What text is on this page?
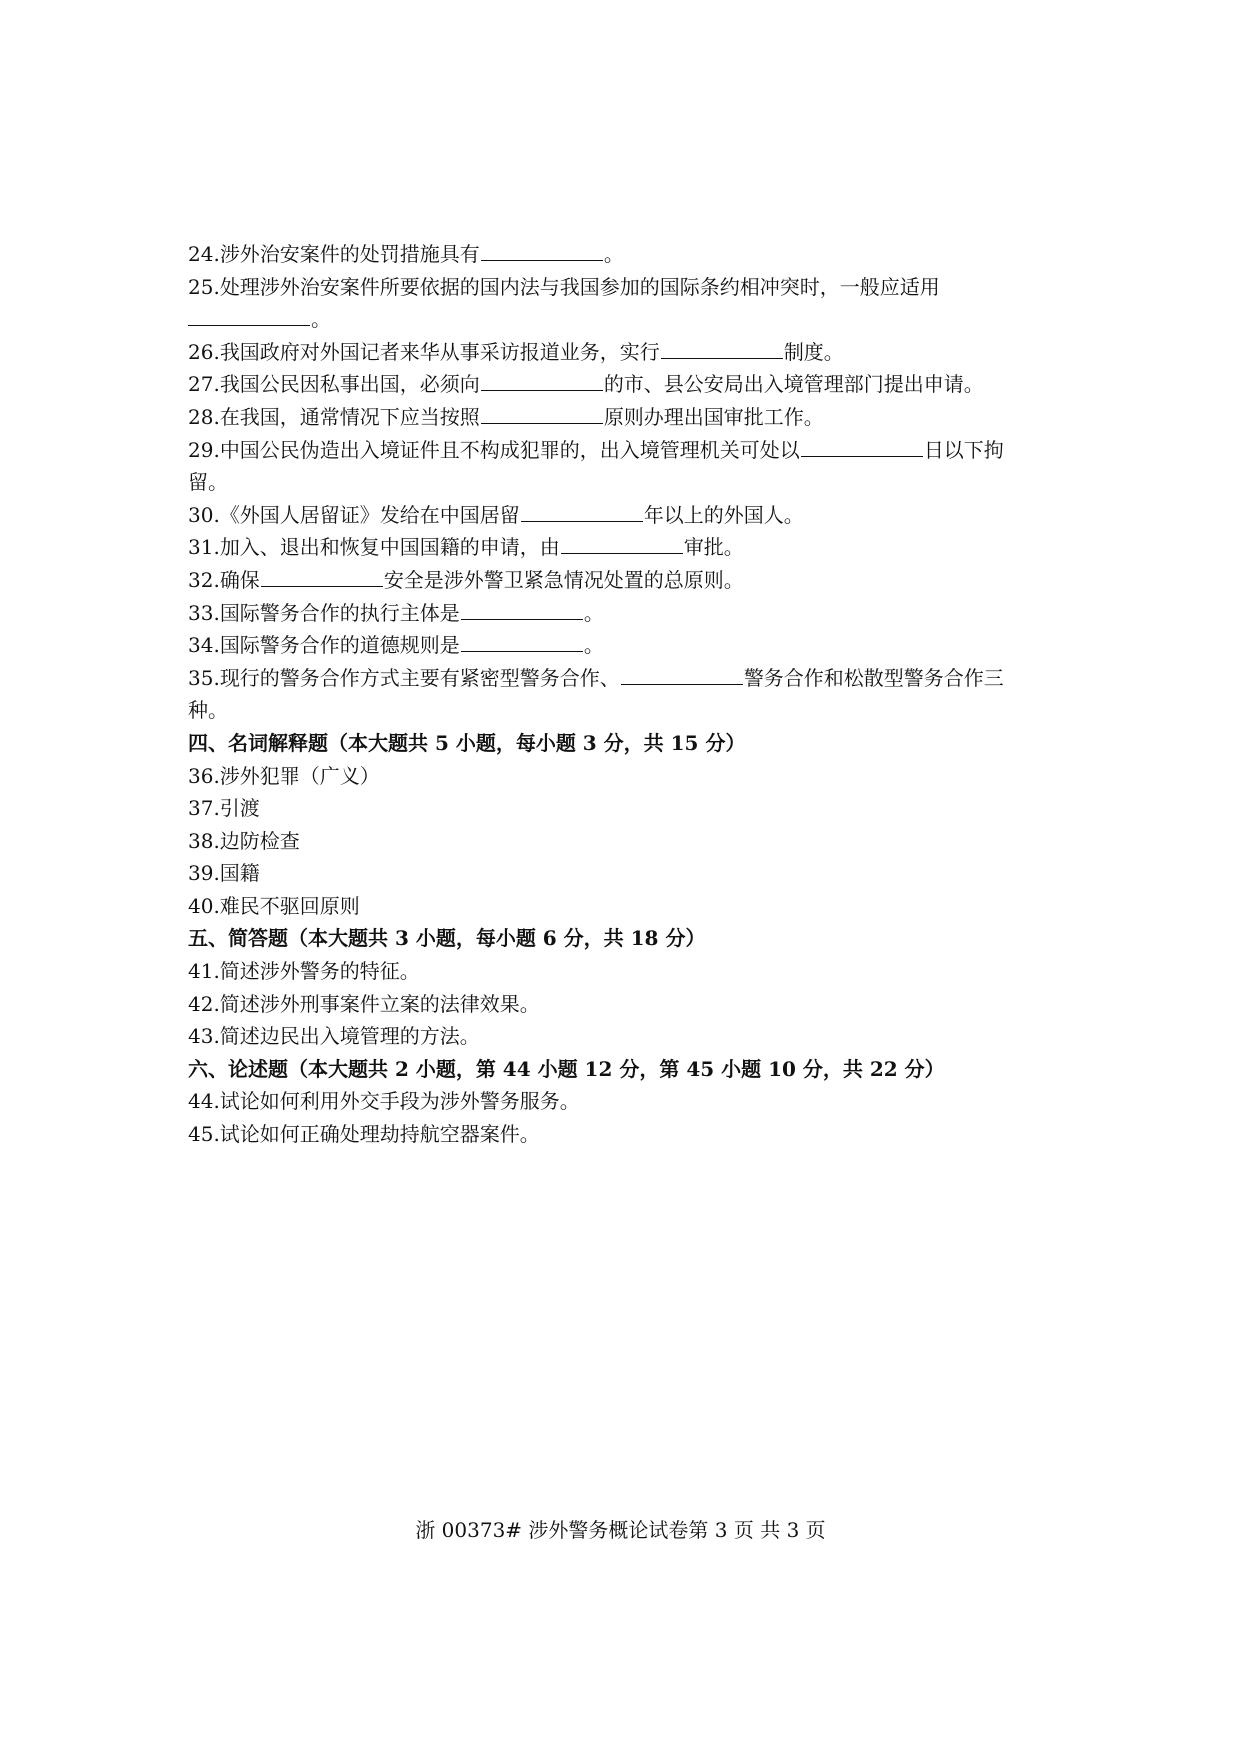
24.涉外治安案件的处罚措施具有	。
25.处理涉外治安案件所要依据的国内法与我国参加的国际条约相冲突时，一般应适用
。
26.我国政府对外国记者来华从事采访报道业务，实行	制度。
27.我国公民因私事出国，必须向	的市、县公安局出入境管理部门提出申请。
28.在我国，通常情况下应当按照	原则办理出国审批工作。
29.中国公民伪造出入境证件且不构成犯罪的，出入境管理机关可处以	日以下拘
留。
30.《外国人居留证》发给在中国居留	年以上的外国人。
31.加入、退出和恢复中国国籍的申请，由	审批。
32.确保	安全是涉外警卫紧急情况处置的总原则。
33.国际警务合作的执行主体是	。
34.国际警务合作的道德规则是	。
35.现行的警务合作方式主要有紧密型警务合作、	警务合作和松散型警务合作三
种。
四、名词解释题（本大题共 5 小题，每小题 3 分，共 15 分）
36.涉外犯罪（广义）
37.引渡
38.边防检查
39.国籍
40.难民不驱回原则
五、简答题（本大题共 3 小题，每小题 6 分，共 18 分）
41.简述涉外警务的特征。
42.简述涉外刑事案件立案的法律效果。
43.简述边民出入境管理的方法。
六、论述题（本大题共 2 小题，第 44 小题 12 分，第 45 小题 10 分，共 22 分）
44.试论如何利用外交手段为涉外警务服务。
45.试论如何正确处理劫持航空器案件。
浙 00373# 涉外警务概论试卷第 3 页 共 3 页
